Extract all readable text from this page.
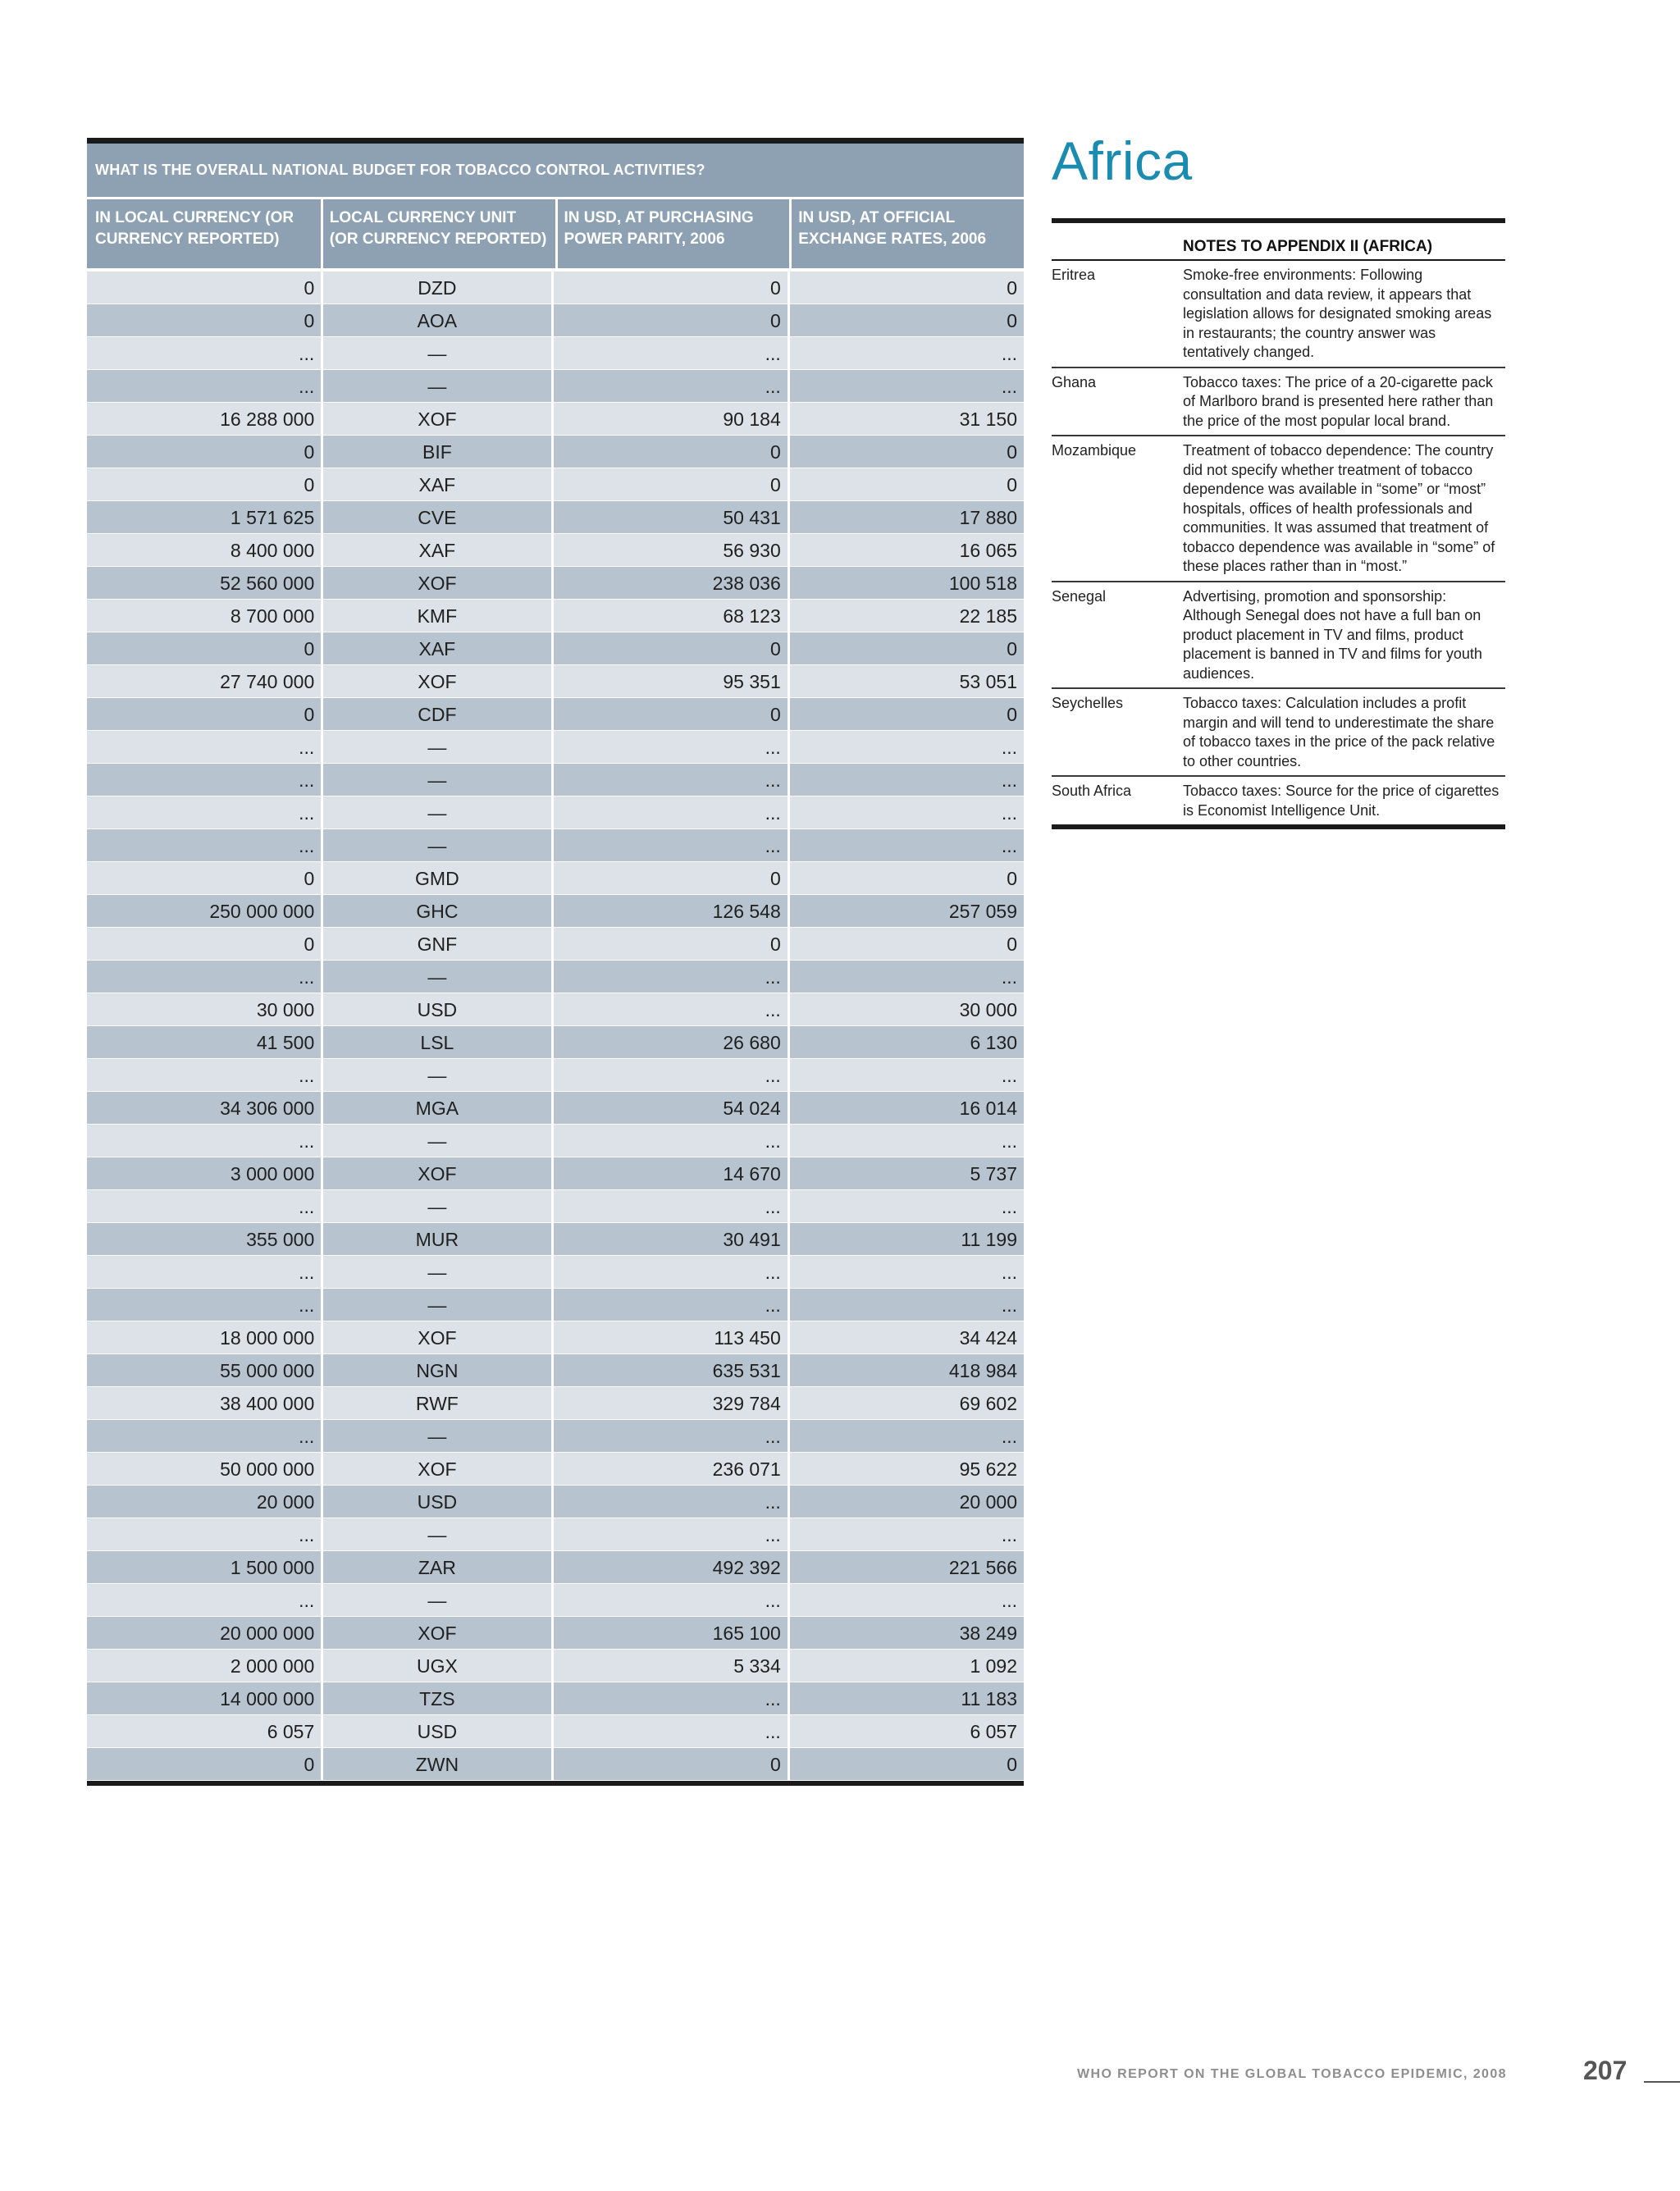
WHAT IS THE OVERALL NATIONAL BUDGET FOR TOBACCO CONTROL ACTIVITIES?
IN LOCAL CURRENCY (OR CURRENCY REPORTED)
LOCAL CURRENCY UNIT (OR CURRENCY REPORTED)
IN USD, AT PURCHASING POWER PARITY, 2006
IN USD, AT OFFICIAL EXCHANGE RATES, 2006
0	DZD	0	0
0	AOA	0	0
...	—	...	...
...	—	...	...
16 288 000	XOF	90 184	31 150
0	BIF	0	0
0	XAF	0	0
1 571 625	CVE	50 431	17 880
8 400 000	XAF	56 930	16 065
52 560 000	XOF	238 036	100 518
8 700 000	KMF	68 123	22 185
0	XAF	0	0
27 740 000	XOF	95 351	53 051
0	CDF	0	0
...	—	...	...
...	—	...	...
...	—	...	...
...	—	...	...
0	GMD	0	0
250 000 000	GHC	126 548	257 059
0	GNF	0	0
...	—	...	...
30 000	USD	...	30 000
41 500	LSL	26 680	6 130
...	—	...	...
34 306 000	MGA	54 024	16 014
...	—	...	...
3 000 000	XOF	14 670	5 737
...	—	...	...
355 000	MUR	30 491	11 199
...	—	...	...
...	—	...	...
18 000 000	XOF	113 450	34 424
55 000 000	NGN	635 531	418 984
38 400 000	RWF	329 784	69 602
...	—	...	...
50 000 000	XOF	236 071	95 622
20 000	USD	...	20 000
...	—	...	...
1 500 000	ZAR	492 392	221 566
...	—	...	...
20 000 000	XOF	165 100	38 249
2 000 000	UGX	5 334	1 092
14 000 000	TZS	...	11 183
6 057	USD	...	6 057
0	ZWN	0	0
Africa
NOTES TO APPENDIX II (AFRICA)
Eritrea	Smoke-free environments: Following consultation and data review, it appears that legislation allows for designated smoking areas in restaurants; the country answer was tentatively changed.
Ghana	Tobacco taxes: The price of a 20-cigarette pack of Marlboro brand is presented here rather than the price of the most popular local brand.
Mozambique	Treatment of tobacco dependence: The country did not specify whether treatment of tobacco dependence was available in “some” or “most” hospitals, offices of health professionals and communities. It was assumed that treatment of tobacco dependence was available in “some” of these places rather than in “most.”
Senegal	Advertising, promotion and sponsorship: Although Senegal does not have a full ban on product placement in TV and films, product placement is banned in TV and films for youth audiences.
Seychelles	Tobacco taxes: Calculation includes a profit margin and will tend to underestimate the share of tobacco taxes in the price of the pack relative to other countries.
South Africa	Tobacco taxes: Source for the price of cigarettes is Economist Intelligence Unit.
WHO REPORT ON THE GLOBAL TOBACCO EPIDEMIC, 2008	207
